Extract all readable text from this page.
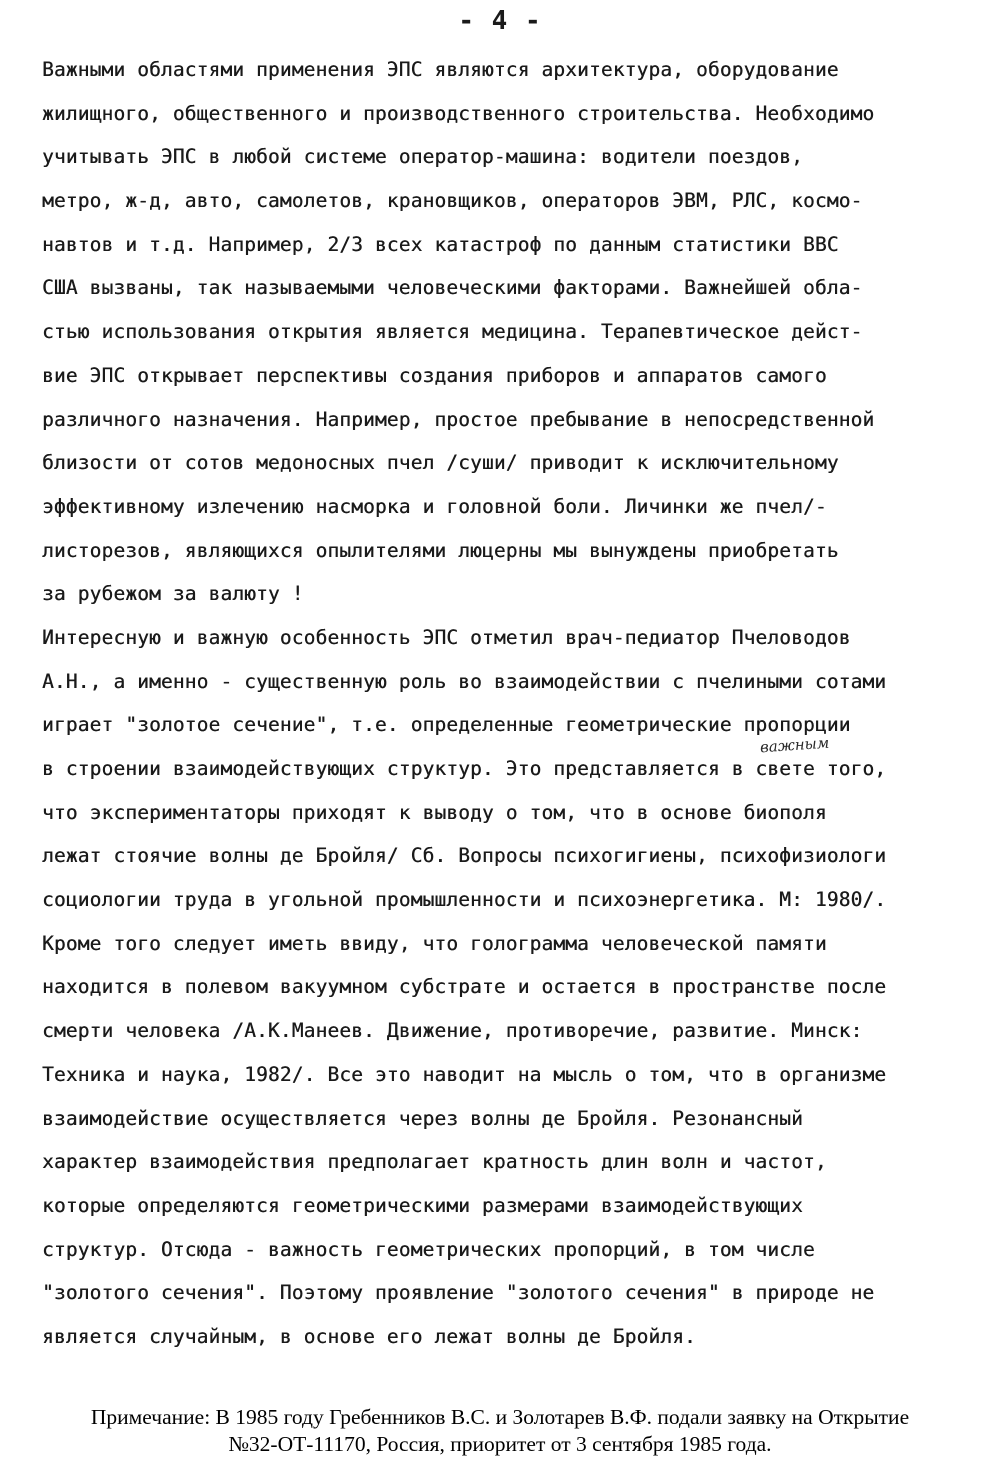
- 4 -
Важными областями применения ЭПС являются архитектура, оборудование
жилищного, общественного и производственного строительства. Необходимо
учитывать ЭПС в любой системе оператор-машина: водители поездов,
метро, ж-д, авто, самолетов, крановщиков, операторов ЭВМ, РЛС, космо-
навтов и т.д. Например, 2/3 всех катастроф по данным статистики ВВС
США вызваны, так называемыми человеческими факторами. Важнейшей обла-
стью использования открытия является медицина. Терапевтическое дейст-
вие ЭПС открывает перспективы создания приборов и аппаратов самого
различного назначения. Например, простое пребывание в непосредственной
близости от сотов медоносных пчел /суши/ приводит к исключительному
эффективному излечению насморка и головной боли. Личинки же пчел/-
листорезов, являющихся опылителями люцерны мы вынуждены приобретать
за рубежом за валюту !
Интересную и важную особенность ЭПС отметил врач-педиатор Пчеловодов
А.Н., а именно - существенную роль во взаимодействии с пчелиными сотами
играет "золотое сечение", т.е. определенные геометрические пропорции
в строении взаимодействующих структур. Это представляется в свете того,
что экспериментаторы приходят к выводу о том, что в основе биополя
лежат стоячие волны де Бройля/ Сб. Вопросы психогигиены, психофизиологи
социологии труда в угольной промышленности и психоэнергетика. М: 1980/.
Кроме того следует иметь ввиду, что голограмма человеческой памяти
находится в полевом вакуумном субстрате и остается в пространстве после
смерти человека /А.К.Манеев. Движение, противоречие, развитие. Минск:
Техника и наука, 1982/. Все это наводит на мысль о том, что в организме
взаимодействие осуществляется через волны де Бройля. Резонансный
характер взаимодействия предполагает кратность длин волн и частот,
которые определяются геометрическими размерами взаимодействующих
структур. Отсюда - важность геометрических пропорций, в том числе
"золотого сечения". Поэтому проявление "золотого сечения" в природе не
является случайным, в основе его лежат волны де Бройля.
важным
Примечание: В 1985 году Гребенников В.С. и Золотарев В.Ф. подали заявку на Открытие
№32-ОТ-11170, Россия, приоритет от 3 сентября 1985 года.
